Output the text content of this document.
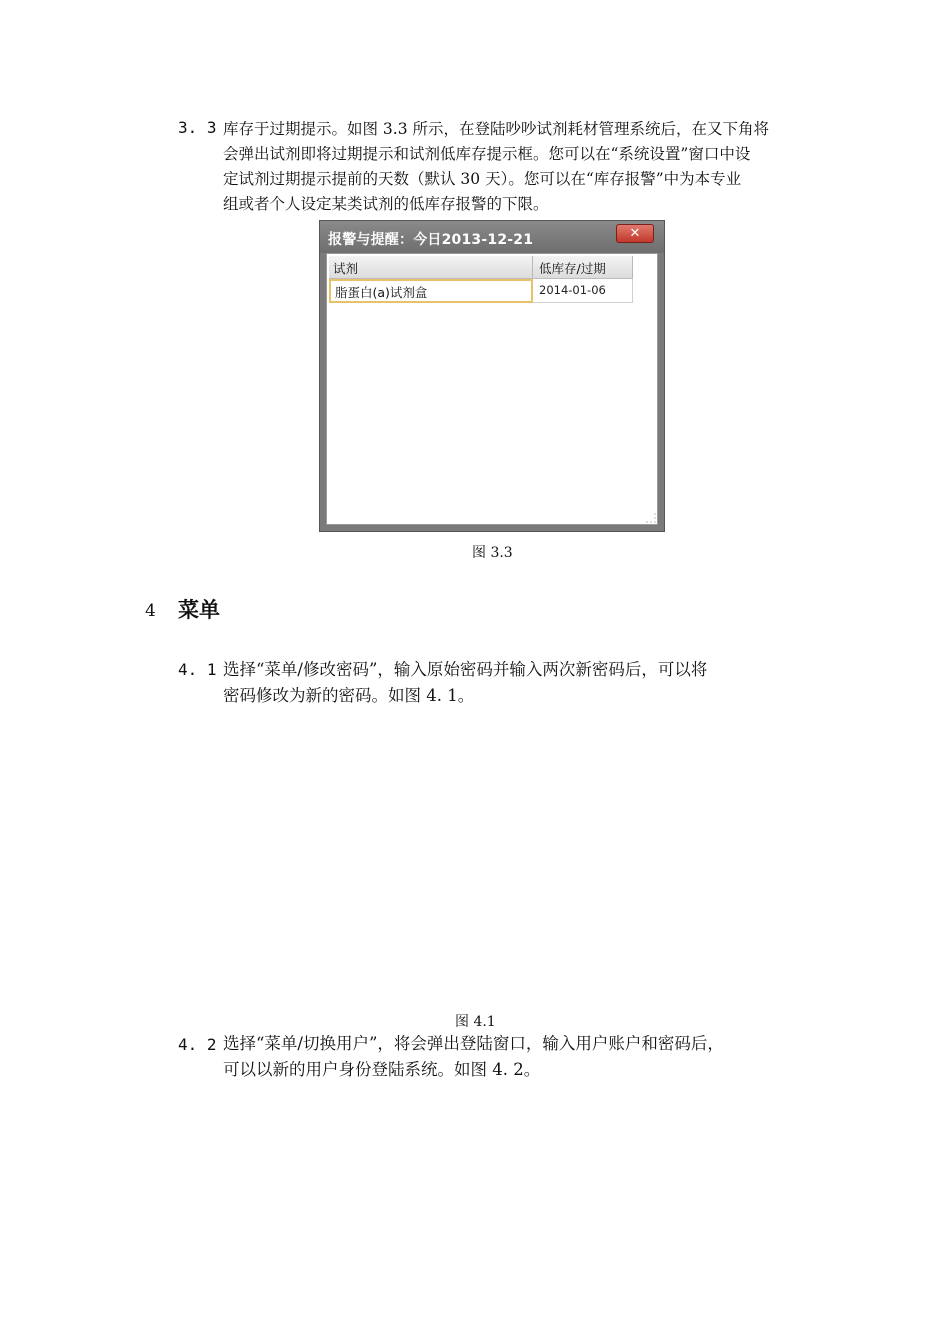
3. 3 库存于过期提示。如图 3.3 所示，在登陆吵吵试剂耗材管理系统后，在又下角将
会弹出试剂即将过期提示和试剂低库存提示框。您可以在“系统设置”窗口中设
定试剂过期提示提前的天数（默认 30 天）。您可以在“库存报警”中为本专业
组或者个人设定某类试剂的低库存报警的下限。
报警与提醒：今日2013-12-21	✕
试剂	低库存/过期
脂蛋白(a)试剂盒	2014-01-06
图 3.3
4 菜单
4. 1 选择“菜单/修改密码”，输入原始密码并输入两次新密码后，可以将
密码修改为新的密码。如图 4. 1。
图 4.1
4. 2 选择“菜单/切换用户”，将会弹出登陆窗口，输入用户账户和密码后，
可以以新的用户身份登陆系统。如图 4. 2。
